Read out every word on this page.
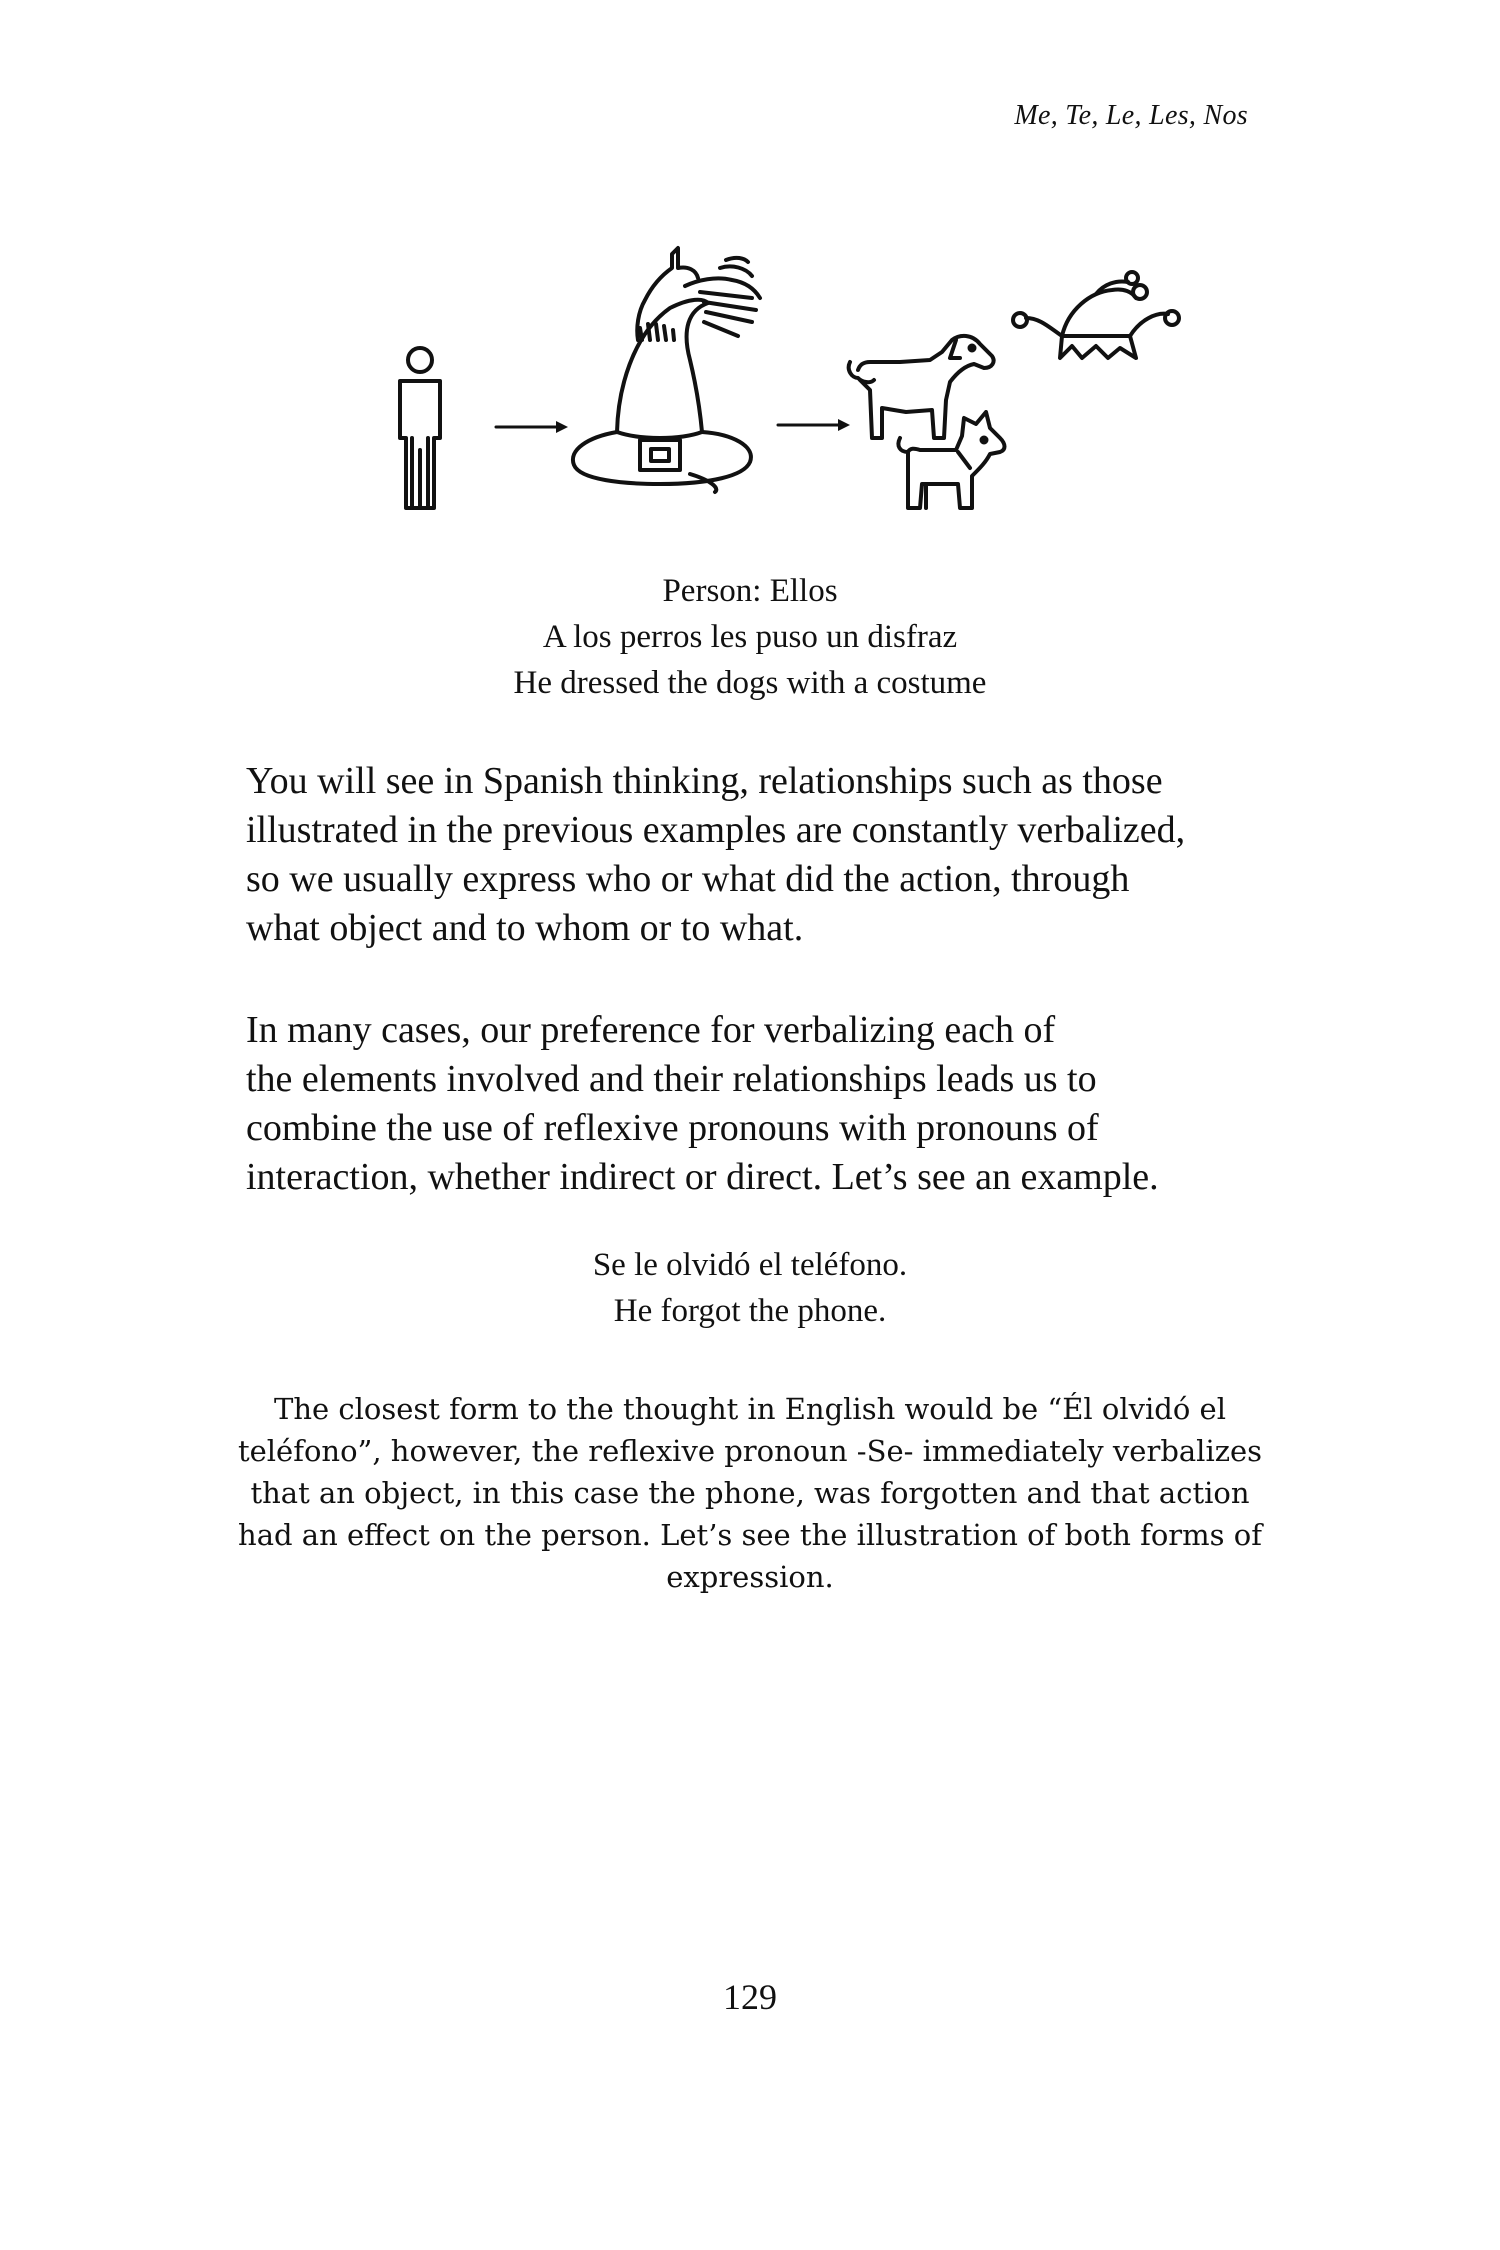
Me, Te, Le, Les, Nos
Person: Ellos
A los perros les puso un disfraz
He dressed the dogs with a costume
You will see in Spanish thinking, relationships such as those
illustrated in the previous examples are constantly verbalized,
so we usually express who or what did the action, through
what object and to whom or to what.
In many cases, our preference for verbalizing each of
the elements involved and their relationships leads us to
combine the use of reflexive pronouns with pronouns of
interaction, whether indirect or direct. Let’s see an example.
Se le olvidó el teléfono.
He forgot the phone.
The closest form to the thought in English would be “Él olvidó el
teléfono”, however, the reflexive pronoun -Se- immediately verbalizes
that an object, in this case the phone, was forgotten and that action
had an effect on the person. Let’s see the illustration of both forms of
expression.
129
